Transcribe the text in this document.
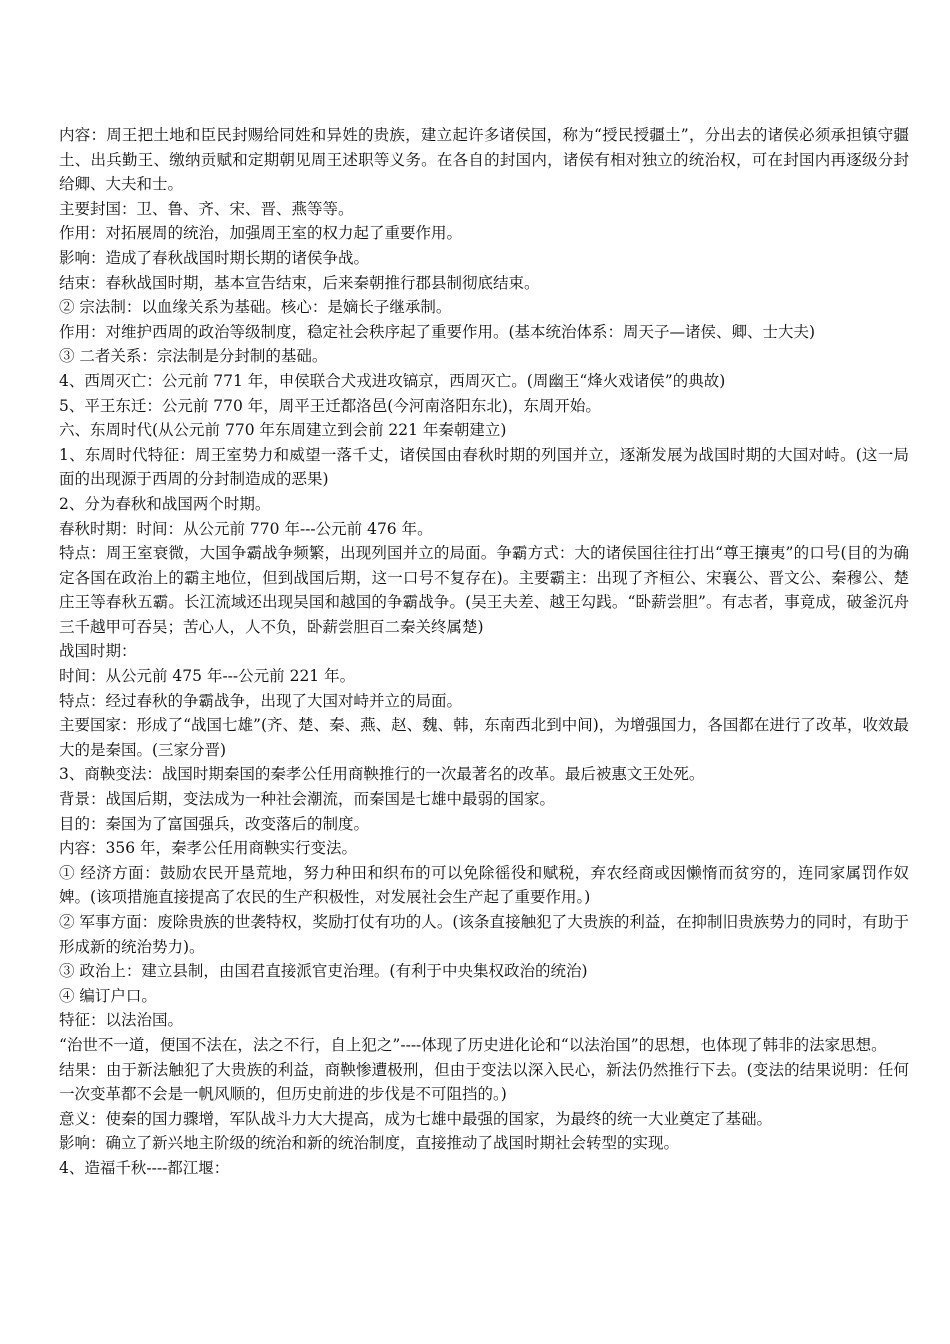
内容：周王把土地和臣民封赐给同姓和异姓的贵族，建立起许多诸侯国，称为“授民授疆土”，分出去的诸侯必须承担镇守疆土、出兵勤王、缴纳贡赋和定期朝见周王述职等义务。在各自的封国内，诸侯有相对独立的统治权，可在封国内再逐级分封给卿、大夫和士。

主要封国：卫、鲁、齐、宋、晋、燕等等。

作用：对拓展周的统治，加强周王室的权力起了重要作用。

影响：造成了春秋战国时期长期的诸侯争战。

结束：春秋战国时期，基本宣告结束，后来秦朝推行郡县制彻底结束。

② 宗法制：以血缘关系为基础。核心：是嫡长子继承制。

作用：对维护西周的政治等级制度，稳定社会秩序起了重要作用。(基本统治体系：周天子—诸侯、卿、士大夫)

③ 二者关系：宗法制是分封制的基础。

4、西周灭亡：公元前 771 年，申侯联合犬戎进攻镐京，西周灭亡。(周幽王“烽火戏诸侯”的典故)

5、平王东迁：公元前 770 年，周平王迁都洛邑(今河南洛阳东北)，东周开始。

六、东周时代(从公元前 770 年东周建立到会前 221 年秦朝建立)

1、东周时代特征：周王室势力和威望一落千丈，诸侯国由春秋时期的列国并立，逐渐发展为战国时期的大国对峙。(这一局面的出现源于西周的分封制造成的恶果)

2、分为春秋和战国两个时期。

春秋时期：时间：从公元前 770 年---公元前 476 年。

特点：周王室衰微，大国争霸战争频繁，出现列国并立的局面。争霸方式：大的诸侯国往往打出“尊王攘夷”的口号(目的为确定各国在政治上的霸主地位，但到战国后期，这一口号不复存在)。主要霸主：出现了齐桓公、宋襄公、晋文公、秦穆公、楚庄王等春秋五霸。长江流域还出现吴国和越国的争霸战争。(吴王夫差、越王勾践。“卧薪尝胆”。有志者，事竟成，破釜沉舟三千越甲可吞吴；苦心人，人不负，卧薪尝胆百二秦关终属楚)

战国时期：

时间：从公元前 475 年---公元前 221 年。

特点：经过春秋的争霸战争，出现了大国对峙并立的局面。

主要国家：形成了“战国七雄”(齐、楚、秦、燕、赵、魏、韩，东南西北到中间)，为增强国力，各国都在进行了改革，收效最大的是秦国。(三家分晋)

3、商鞅变法：战国时期秦国的秦孝公任用商鞅推行的一次最著名的改革。最后被惠文王处死。

背景：战国后期，变法成为一种社会潮流，而秦国是七雄中最弱的国家。

目的：秦国为了富国强兵，改变落后的制度。

内容：356 年，秦孝公任用商鞅实行变法。

① 经济方面：鼓励农民开垦荒地，努力种田和织布的可以免除徭役和赋税，弃农经商或因懒惰而贫穷的，连同家属罚作奴婢。(该项措施直接提高了农民的生产积极性，对发展社会生产起了重要作用。)

② 军事方面：废除贵族的世袭特权，奖励打仗有功的人。(该条直接触犯了大贵族的利益，在抑制旧贵族势力的同时，有助于形成新的统治势力)。

③ 政治上：建立县制，由国君直接派官吏治理。(有利于中央集权政治的统治)

④ 编订户口。

特征：以法治国。

“治世不一道，便国不法在，法之不行，自上犯之”----体现了历史进化论和“以法治国”的思想，也体现了韩非的法家思想。

结果：由于新法触犯了大贵族的利益，商鞅惨遭极刑，但由于变法以深入民心，新法仍然推行下去。(变法的结果说明：任何一次变革都不会是一帆风顺的，但历史前进的步伐是不可阻挡的。)

意义：使秦的国力骤增，军队战斗力大大提高，成为七雄中最强的国家，为最终的统一大业奠定了基础。

影响：确立了新兴地主阶级的统治和新的统治制度，直接推动了战国时期社会转型的实现。

4、造福千秋----都江堰：
